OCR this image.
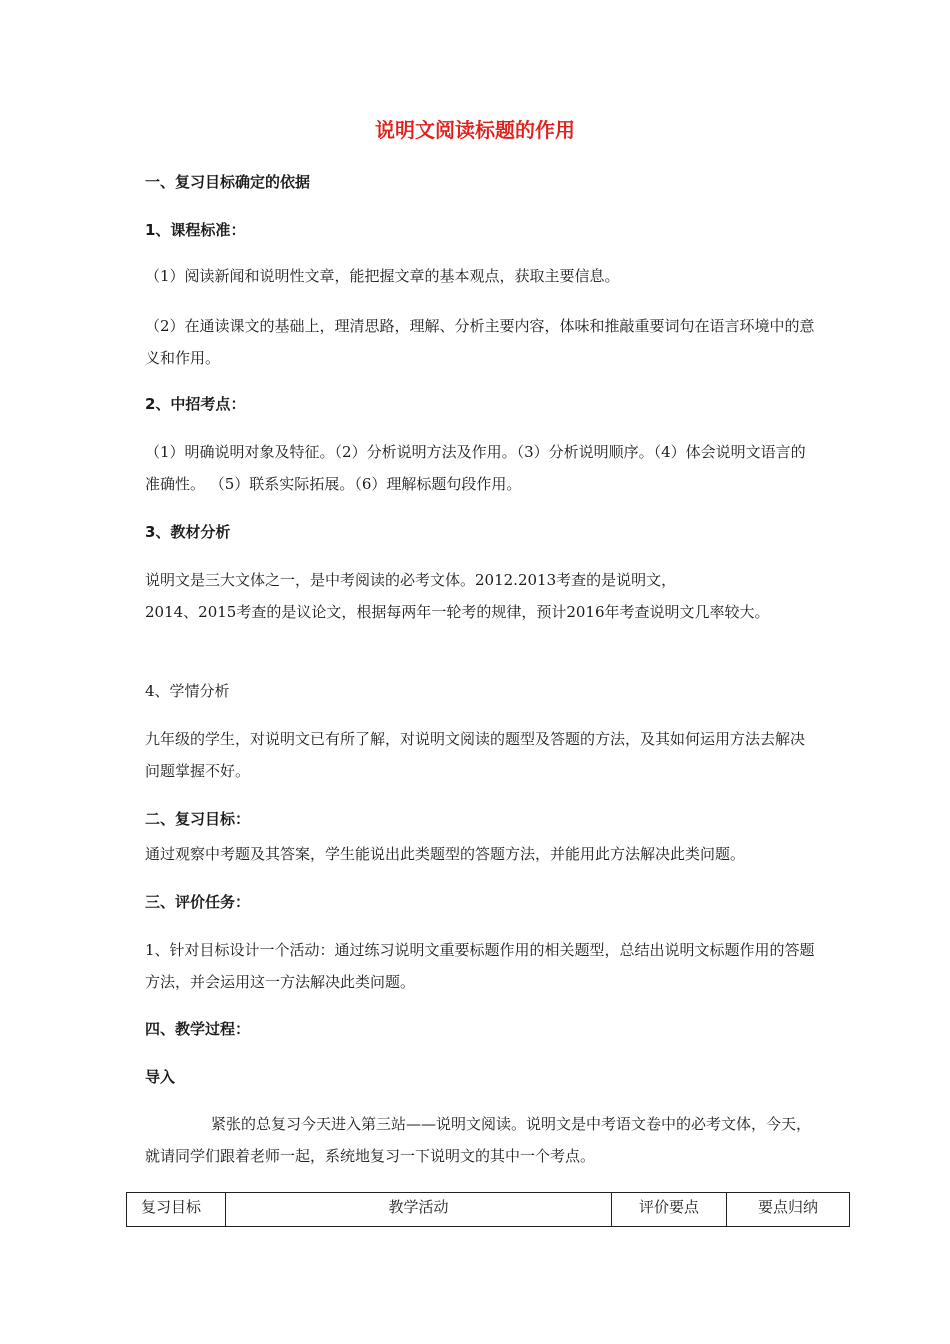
说明文阅读标题的作用
一、复习目标确定的依据
1、课程标准：
（1）阅读新闻和说明性文章，能把握文章的基本观点，获取主要信息。
（2）在通读课文的基础上，理清思路，理解、分析主要内容，体味和推敲重要词句在语言环境中的意义和作用。
2、中招考点：
（1）明确说明对象及特征。（2）分析说明方法及作用。（3）分析说明顺序。（4）体会说明文语言的准确性。 （5）联系实际拓展。（6）理解标题句段作用。
3、教材分析
说明文是三大文体之一，是中考阅读的必考文体。2012.2013考查的是说明文，
2014、2015考查的是议论文，根据每两年一轮考的规律，预计2016年考查说明文几率较大。
4、学情分析
九年级的学生，对说明文已有所了解，对说明文阅读的题型及答题的方法，及其如何运用方法去解决问题掌握不好。
二、复习目标：
通过观察中考题及其答案，学生能说出此类题型的答题方法，并能用此方法解决此类问题。
三、评价任务：
1、针对目标设计一个活动：通过练习说明文重要标题作用的相关题型，总结出说明文标题作用的答题方法，并会运用这一方法解决此类问题。
四、教学过程：
导入
紧张的总复习今天进入第三站——说明文阅读。说明文是中考语文卷中的必考文体，今天，就请同学们跟着老师一起，系统地复习一下说明文的其中一个考点。
复习目标	教学活动	评价要点	要点归纳
